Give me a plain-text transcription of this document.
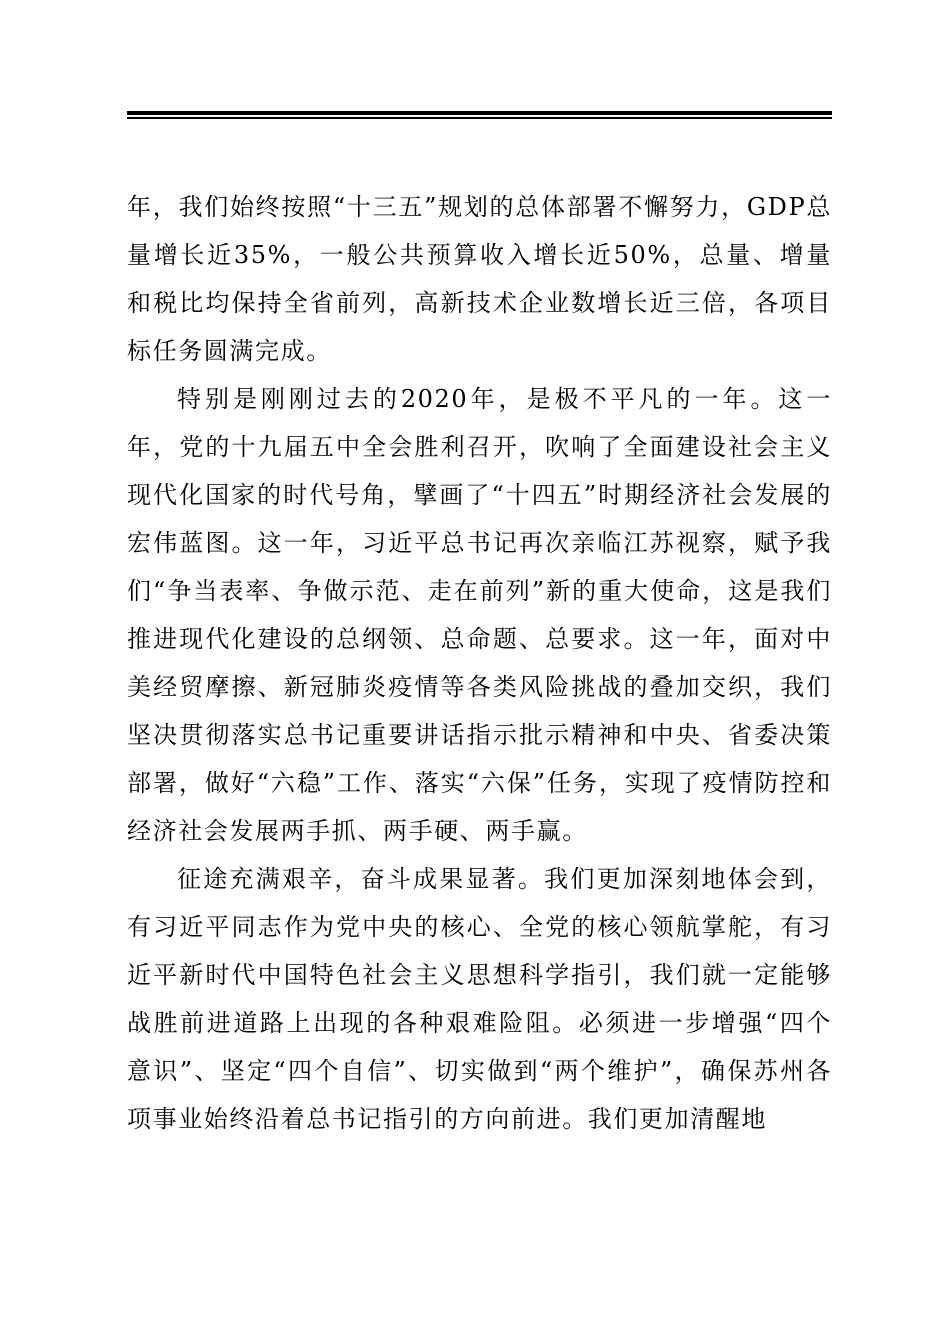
年，我们始终按照“十三五”规划的总体部署不懈努力，GDP总量增长近35%，一般公共预算收入增长近50%，总量、增量和税比均保持全省前列，高新技术企业数增长近三倍，各项目标任务圆满完成。

特别是刚刚过去的2020年，是极不平凡的一年。这一年，党的十九届五中全会胜利召开，吹响了全面建设社会主义现代化国家的时代号角，擘画了“十四五”时期经济社会发展的宏伟蓝图。这一年，习近平总书记再次亲临江苏视察，赋予我们“争当表率、争做示范、走在前列”新的重大使命，这是我们推进现代化建设的总纲领、总命题、总要求。这一年，面对中美经贸摩擦、新冠肺炎疫情等各类风险挑战的叠加交织，我们坚决贯彻落实总书记重要讲话指示批示精神和中央、省委决策部署，做好“六稳”工作、落实“六保”任务，实现了疫情防控和经济社会发展两手抓、两手硬、两手赢。

征途充满艰辛，奋斗成果显著。我们更加深刻地体会到，有习近平同志作为党中央的核心、全党的核心领航掌舵，有习近平新时代中国特色社会主义思想科学指引，我们就一定能够战胜前进道路上出现的各种艰难险阻。必须进一步增强“四个意识”、坚定“四个自信”、切实做到“两个维护”，确保苏州各项事业始终沿着总书记指引的方向前进。我们更加清醒地
